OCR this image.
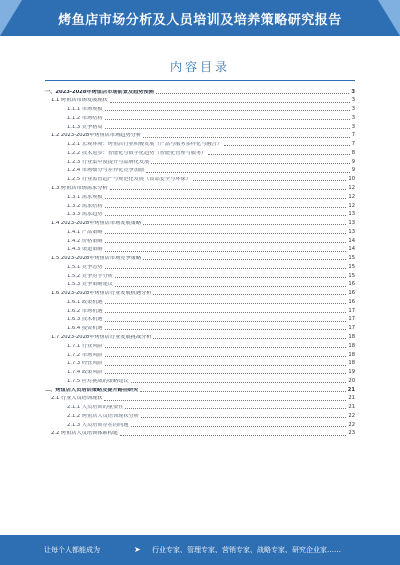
烤鱼店市场分析及人员培训及培养策略研究报告
内容目录
一、2023-2028年烤鱼店市场前景及趋势预测	3
1.1 烤鱼店市场发展现状	3
1.1.1 市场规模	3
1.1.2 市场结构	3
1.1.3 竞争格局	3
1.2 2023-2028年烤鱼店市场趋势分析	7
1.2.1 宏观环境：烤鱼店行业积极发展（产品与服务多样化与融合）	7
1.2.2 技术进步：智能化与数字化趋势（智能化管理与服务）	8
1.2.3 行业集中度提升与品牌化发展	9
1.2.4 市场细分与差异化竞争加剧	9
1.2.5 行业监管趋严与规范化发展（食品安全与环保）	10
1.3 烤鱼店市场需求分析	12
1.3.1 需求规模	12
1.3.2 需求结构	12
1.3.3 需求趋势	13
1.4 2023-2028年烤鱼店市场发展策略	13
1.4.1 产品策略	13
1.4.2 价格策略	14
1.4.3 渠道策略	14
1.5 2023-2028年烤鱼店市场竞争策略	15
1.5.1 竞争态势	15
1.5.2 竞争对手分析	15
1.5.3 竞争策略建议	16
1.6 2023-2028年烤鱼店行业发展机遇分析	16
1.6.1 政策机遇	16
1.6.2 市场机遇	17
1.6.3 技术机遇	17
1.6.4 投资机遇	17
1.7 2023-2028年烤鱼店行业发展挑战分析	18
1.7.1 行业风险	18
1.7.2 市场风险	18
1.7.3 经营风险	18
1.7.4 政策风险	19
1.7.5 应对挑战的策略建议	20
二、烤鱼店人员培训策略及提升路径研究	21
2.1 行业人员培训现状	21
2.1.1 人员培训的重要性	21
2.1.2 烤鱼店人员培训现状分析	22
2.1.3 人员培训存在的问题	22
2.2 烤鱼店人员培训体系构建	23
让每个人都能成为	➤	行业专家、管理专家、营销专家、战略专家、研究企业家……
